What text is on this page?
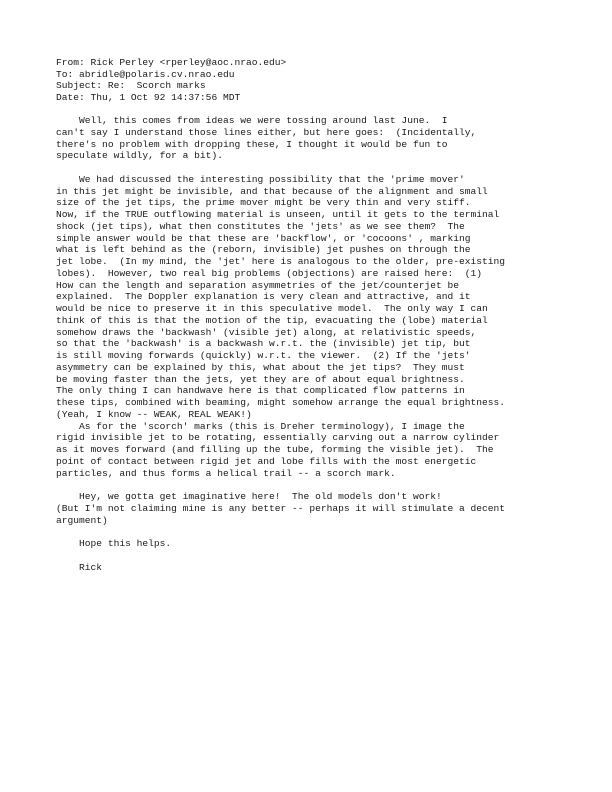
From: Rick Perley <rperley@aoc.nrao.edu>
To: abridle@polaris.cv.nrao.edu
Subject: Re:  Scorch marks
Date: Thu, 1 Oct 92 14:37:56 MDT
Well, this comes from ideas we were tossing around last June.  I
can't say I understand those lines either, but here goes:  (Incidentally,
there's no problem with dropping these, I thought it would be fun to
speculate wildly, for a bit).
We had discussed the interesting possibility that the 'prime mover'
in this jet might be invisible, and that because of the alignment and small
size of the jet tips, the prime mover might be very thin and very stiff.
Now, if the TRUE outflowing material is unseen, until it gets to the terminal
shock (jet tips), what then constitutes the 'jets' as we see them?  The
simple answer would be that these are 'backflow', or 'cocoons' , marking
what is left behind as the (reborn, invisible) jet pushes on through the
jet lobe.  (In my mind, the 'jet' here is analogous to the older, pre-existing
lobes).  However, two real big problems (objections) are raised here:  (1)
How can the length and separation asymmetries of the jet/counterjet be
explained.  The Doppler explanation is very clean and attractive, and it
would be nice to preserve it in this speculative model.  The only way I can
think of this is that the motion of the tip, evacuating the (lobe) material
somehow draws the 'backwash' (visible jet) along, at relativistic speeds,
so that the 'backwash' is a backwash w.r.t. the (invisible) jet tip, but
is still moving forwards (quickly) w.r.t. the viewer.  (2) If the 'jets'
asymmetry can be explained by this, what about the jet tips?  They must
be moving faster than the jets, yet they are of about equal brightness.
The only thing I can handwave here is that complicated flow patterns in
these tips, combined with beaming, might somehow arrange the equal brightness.
(Yeah, I know -- WEAK, REAL WEAK!)
As for the 'scorch' marks (this is Dreher terminology), I image the
rigid invisible jet to be rotating, essentially carving out a narrow cylinder
as it moves forward (and filling up the tube, forming the visible jet).  The
point of contact between rigid jet and lobe fills with the most energetic
particles, and thus forms a helical trail -- a scorch mark.
Hey, we gotta get imaginative here!  The old models don't work!
(But I'm not claiming mine is any better -- perhaps it will stimulate a decent
argument)
Hope this helps.
Rick
